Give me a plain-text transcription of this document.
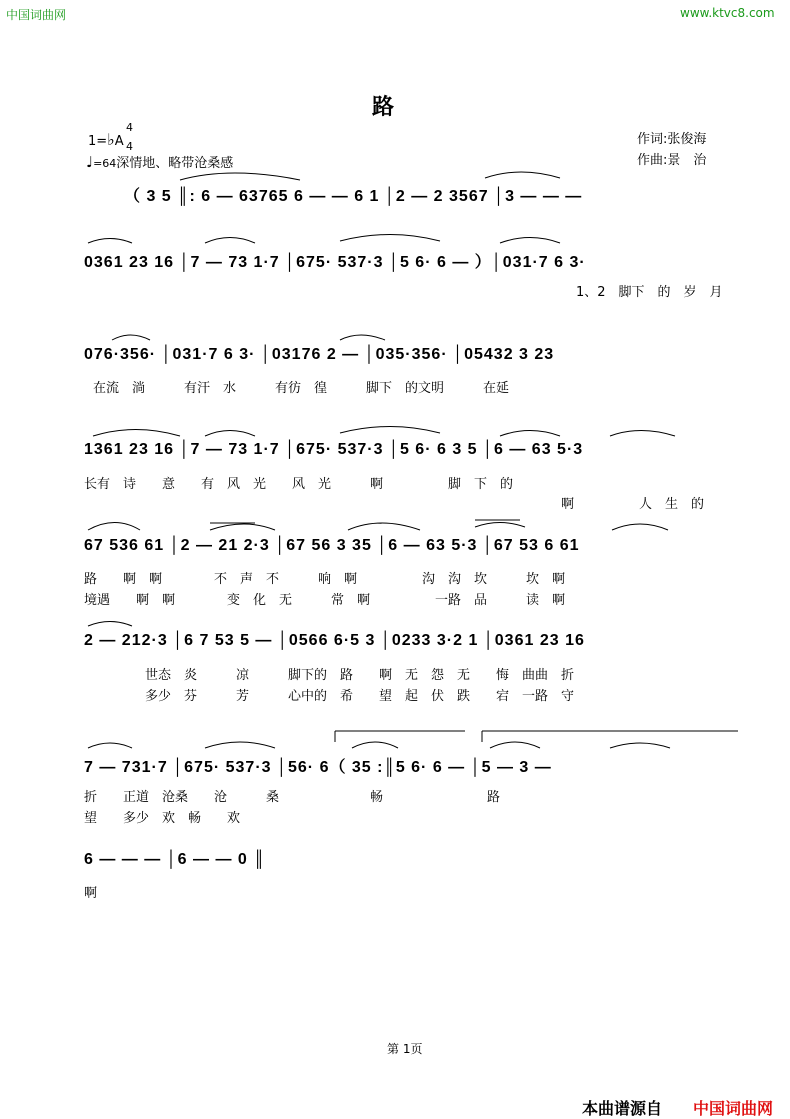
中国词曲网	www.ktvc8.com
路
1=♭A
4
4
♩=64深情地、略带沧桑感
作词:张俊海
作曲:景　治
（ 3 5 ║: 6 — 63765 6 — — 6 1 │2 — 2 3567 │3 — — —
0361 23 16 │7 — 73 1·7 │675· 537·3 │5 6· 6 — ）│031·7 6 3·
1、2　脚下　的　岁　月
076·356· │031·7 6 3· │03176 2 — │035·356· │05432 3 23
在流　淌　　　有汗　水　　　有彷　徨　　　脚下　的文明　　　在延
1361 23 16 │7 — 73 1·7 │675· 537·3 │5 6· 6 3 5 │6 — 63 5·3
长有　诗　　意　　有　风　光　　风　光　　　啊　　　　　脚　下　的
啊　　　　　人　生　的
67 536 61 │2 — 21 2·3 │67 56 3 35 │6 — 63 5·3 │67 53 6 61
路　　啊　啊　　　　不　声　不　　　响　啊　　　　　沟　沟　坎　　　坎　啊
境遇　　啊　啊　　　　变　化　无　　　常　啊　　　　　一路　品　　　读　啊
2 — 212·3 │6 7 53 5 — │0566 6·5 3 │0233 3·2 1 │0361 23 16
世态　炎　　　凉　　　脚下的　路　　啊　无　怨　无　　悔　曲曲　折
多少　芬　　　芳　　　心中的　希　　望　起　伏　跌　　宕　一路　守
7 — 731·7 │675· 537·3 │56· 6（ 35 :║5 6· 6 — │5 — 3 —
折　　正道　沧桑　　沧　　　桑　　　　　　　畅　　　　　　　　路
望　　多少　欢　畅　　欢
6 — — — │6 — — 0 ║
啊
第 1页
本曲谱源自 中国词曲网
